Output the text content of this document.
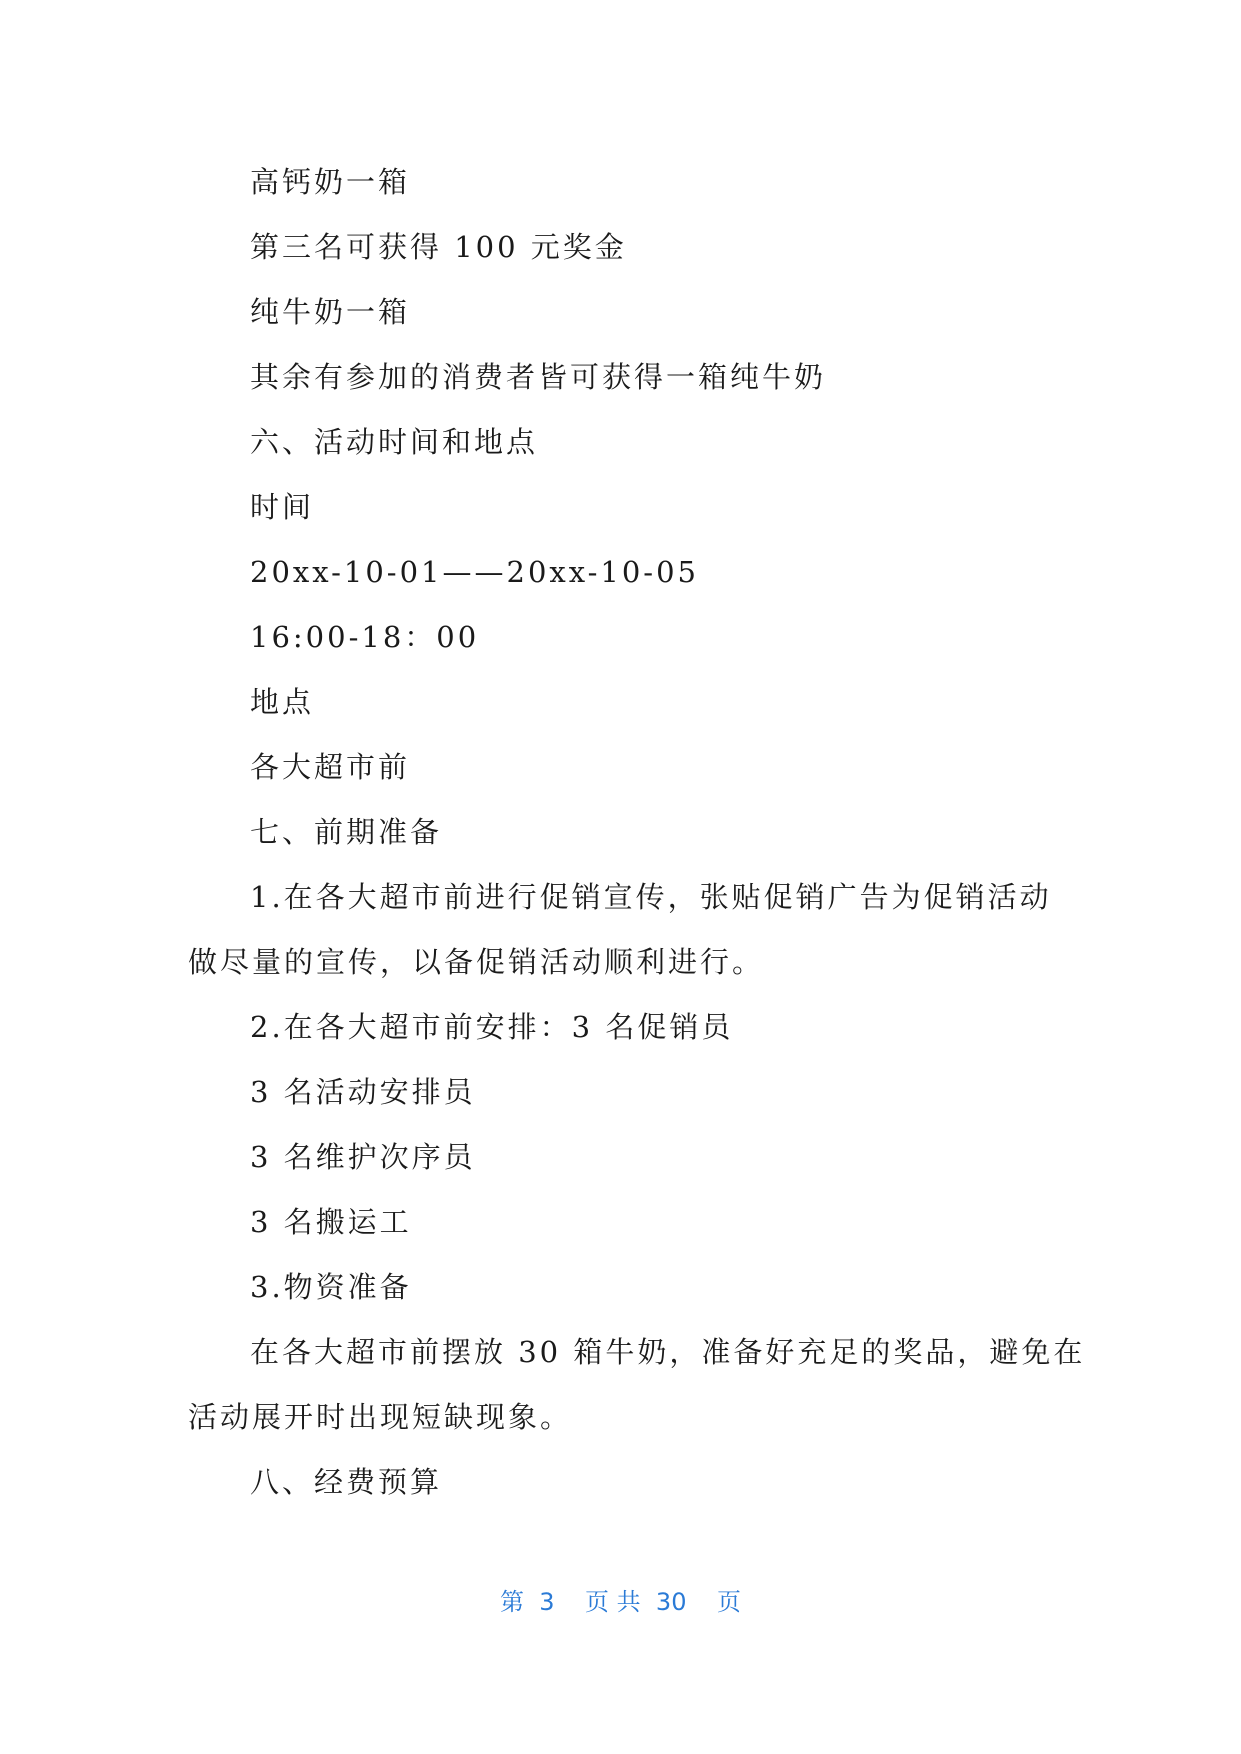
高钙奶一箱
第三名可获得 100 元奖金
纯牛奶一箱
其余有参加的消费者皆可获得一箱纯牛奶
六、活动时间和地点
时间
20xx-10-01——20xx-10-05
16:00-18：00
地点
各大超市前
七、前期准备
1.在各大超市前进行促销宣传，张贴促销广告为促销活动
做尽量的宣传，以备促销活动顺利进行。
2.在各大超市前安排：3 名促销员
3 名活动安排员
3 名维护次序员
3 名搬运工
3.物资准备
在各大超市前摆放 30 箱牛奶，准备好充足的奖品，避免在
活动展开时出现短缺现象。
八、经费预算
第  3    页 共  30    页
